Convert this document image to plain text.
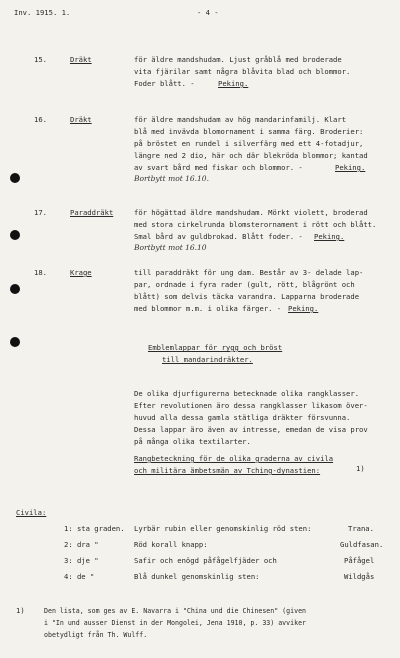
Inv. 1915. 1.	- 4 -
15.	Dräkt	för äldre mandshudam. Ljust gråblå med broderade
vita fjärilar samt några blåvita blad och blommor.
Foder blått. -	Peking.
16.	Dräkt	för äldre mandshudam av hög mandarinfamilj. Klart
blå med invävda blomornament i samma färg. Broderier:
på bröstet en rundel i silverfärg med ett 4-fotadjur,
längre ned 2 dio, här och där blekröda blommor; kantad
av svart bård med fiskar och blommor. -	Peking.
Bortbytt mot 16.10.
17.	Paraddräkt	för högättad äldre mandshudam. Mörkt violett, broderad
med stora cirkelrunda blomsterornament i rött och blått.
Smal bård av guldbrokad. Blått foder. - Peking.
Bortbytt mot 16.10
18.	Krage	till paraddräkt för ung dam. Består av 3- delade lap-
par, ordnade i fyra rader (gult, rött, blågrönt och
blått) som delvis täcka varandra. Lapparna broderade
med blommor m.m. i olika färger. - Peking.
Emblemlappar för rygg och bröst
till mandarindräkter.
De olika djurfigurerna betecknade olika rangklasser.
Efter revolutionen äro dessa rangklasser likasom över-
huvud alla dessa gamla stätliga dräkter försvunna.
Dessa lappar äro även av intresse, emedan de visa prov
på många olika textilarter.
Rangbeteckning för de olika graderna av civila
och militära ämbetsmän av Tching-dynastien:	1)
Civila:
1: sta graden. Lyrbär rubin eller genomskinlig röd sten:	Trana.
2: dra "	Röd korall knapp:	Guldfasan.
3: dje "	Safir och enögd påfågelfjäder och	Påfågel
4: de "	Blå dunkel genomskinlig sten:	Wildgås
1)	Den lista, som ges av E. Navarra i "China und die Chinesen" (given
i "In und ausser Dienst in der Mongolei, Jena 1910, p. 33) avviker
obetydligt från Th. Wulff.
